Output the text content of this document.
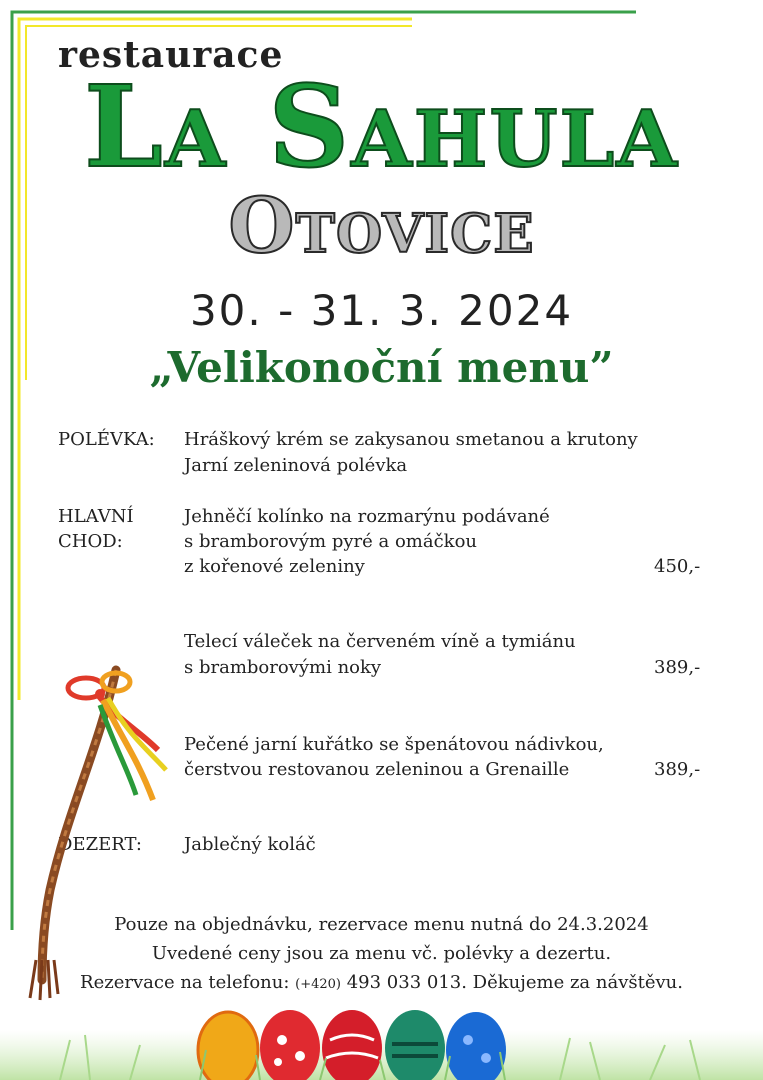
restaurace
La Sahula
Otovice
30. - 31. 3. 2024
„Velikonoční menu”
POLÉVKA: Hráškový krém se zakysanou smetanou a krutony
Jarní zeleninová polévka
HLAVNÍ
CHOD:
Jehněčí kolínko na rozmarýnu podávané
s bramborovým pyré a omáčkou
z kořenové zeleniny	450,-
Telecí váleček na červeném víně a tymiánu
s bramborovými noky	389,-
Pečené jarní kuřátko se špenátovou nádivkou,
čerstvou restovanou zeleninou a Grenaille	389,-
DEZERT: Jablečný koláč
Pouze na objednávku, rezervace menu nutná do 24.3.2024
Uvedené ceny jsou za menu vč. polévky a dezertu.
Rezervace na telefonu: (+420) 493 033 013. Děkujeme za návštěvu.
